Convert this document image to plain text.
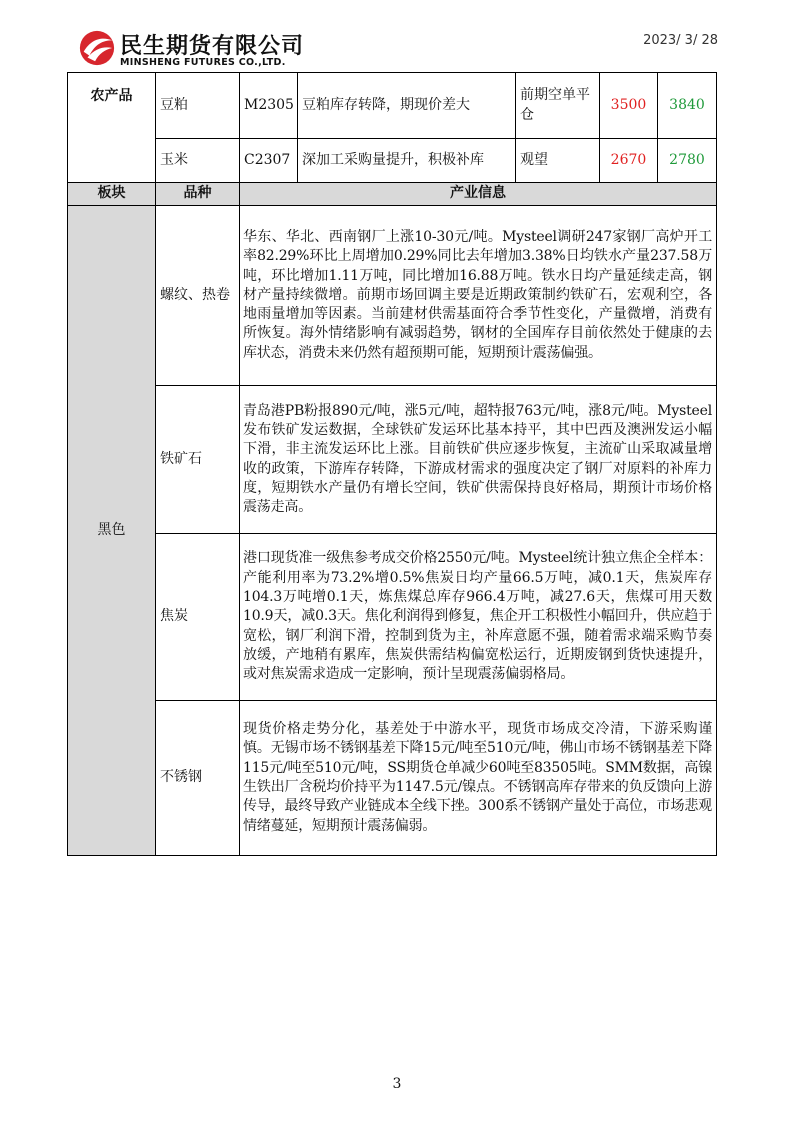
民生期货有限公司
MINSHENG FUTURES CO.,LTD.
2023/ 3/ 28
农产品	豆粕	M2305	豆粕库存转降，期现价差大	前期空单平仓	3500	3840
	玉米	C2307	深加工采购量提升，积极补库	观望	2670	2780
板块	品种	产业信息
黑色	螺纹、热卷	华东、华北、西南钢厂上涨10-30元/吨。Mysteel调研247家钢厂高炉开工率82.29%环比上周增加0.29%同比去年增加3.38%日均铁水产量237.58万吨，环比增加1.11万吨，同比增加16.88万吨。铁水日均产量延续走高，钢材产量持续微增。前期市场回调主要是近期政策制约铁矿石，宏观利空，各地雨量增加等因素。当前建材供需基面符合季节性变化，产量微增，消费有所恢复。海外情绪影响有减弱趋势，钢材的全国库存目前依然处于健康的去库状态，消费未来仍然有超预期可能，短期预计震荡偏强。
	铁矿石	青岛港PB粉报890元/吨，涨5元/吨，超特报763元/吨，涨8元/吨。Mysteel发布铁矿发运数据，全球铁矿发运环比基本持平，其中巴西及澳洲发运小幅下滑，非主流发运环比上涨。目前铁矿供应逐步恢复，主流矿山采取减量增收的政策，下游库存转降，下游成材需求的强度决定了钢厂对原料的补库力度，短期铁水产量仍有增长空间，铁矿供需保持良好格局，期预计市场价格震荡走高。
	焦炭	港口现货准一级焦参考成交价格2550元/吨。Mysteel统计独立焦企全样本：产能利用率为73.2%增0.5%焦炭日均产量66.5万吨，减0.1天，焦炭库存104.3万吨增0.1天，炼焦煤总库存966.4万吨，减27.6天，焦煤可用天数10.9天，减0.3天。焦化利润得到修复，焦企开工积极性小幅回升，供应趋于宽松，钢厂利润下滑，控制到货为主，补库意愿不强，随着需求端采购节奏放缓，产地稍有累库，焦炭供需结构偏宽松运行，近期废钢到货快速提升，或对焦炭需求造成一定影响，预计呈现震荡偏弱格局。
	不锈钢	现货价格走势分化，基差处于中游水平，现货市场成交冷清，下游采购谨慎。无锡市场不锈钢基差下降15元/吨至510元/吨，佛山市场不锈钢基差下降115元/吨至510元/吨，SS期货仓单减少60吨至83505吨。SMM数据，高镍生铁出厂含税均价持平为1147.5元/镍点。不锈钢高库存带来的负反馈向上游传导，最终导致产业链成本全线下挫。300系不锈钢产量处于高位，市场悲观情绪蔓延，短期预计震荡偏弱。
3
